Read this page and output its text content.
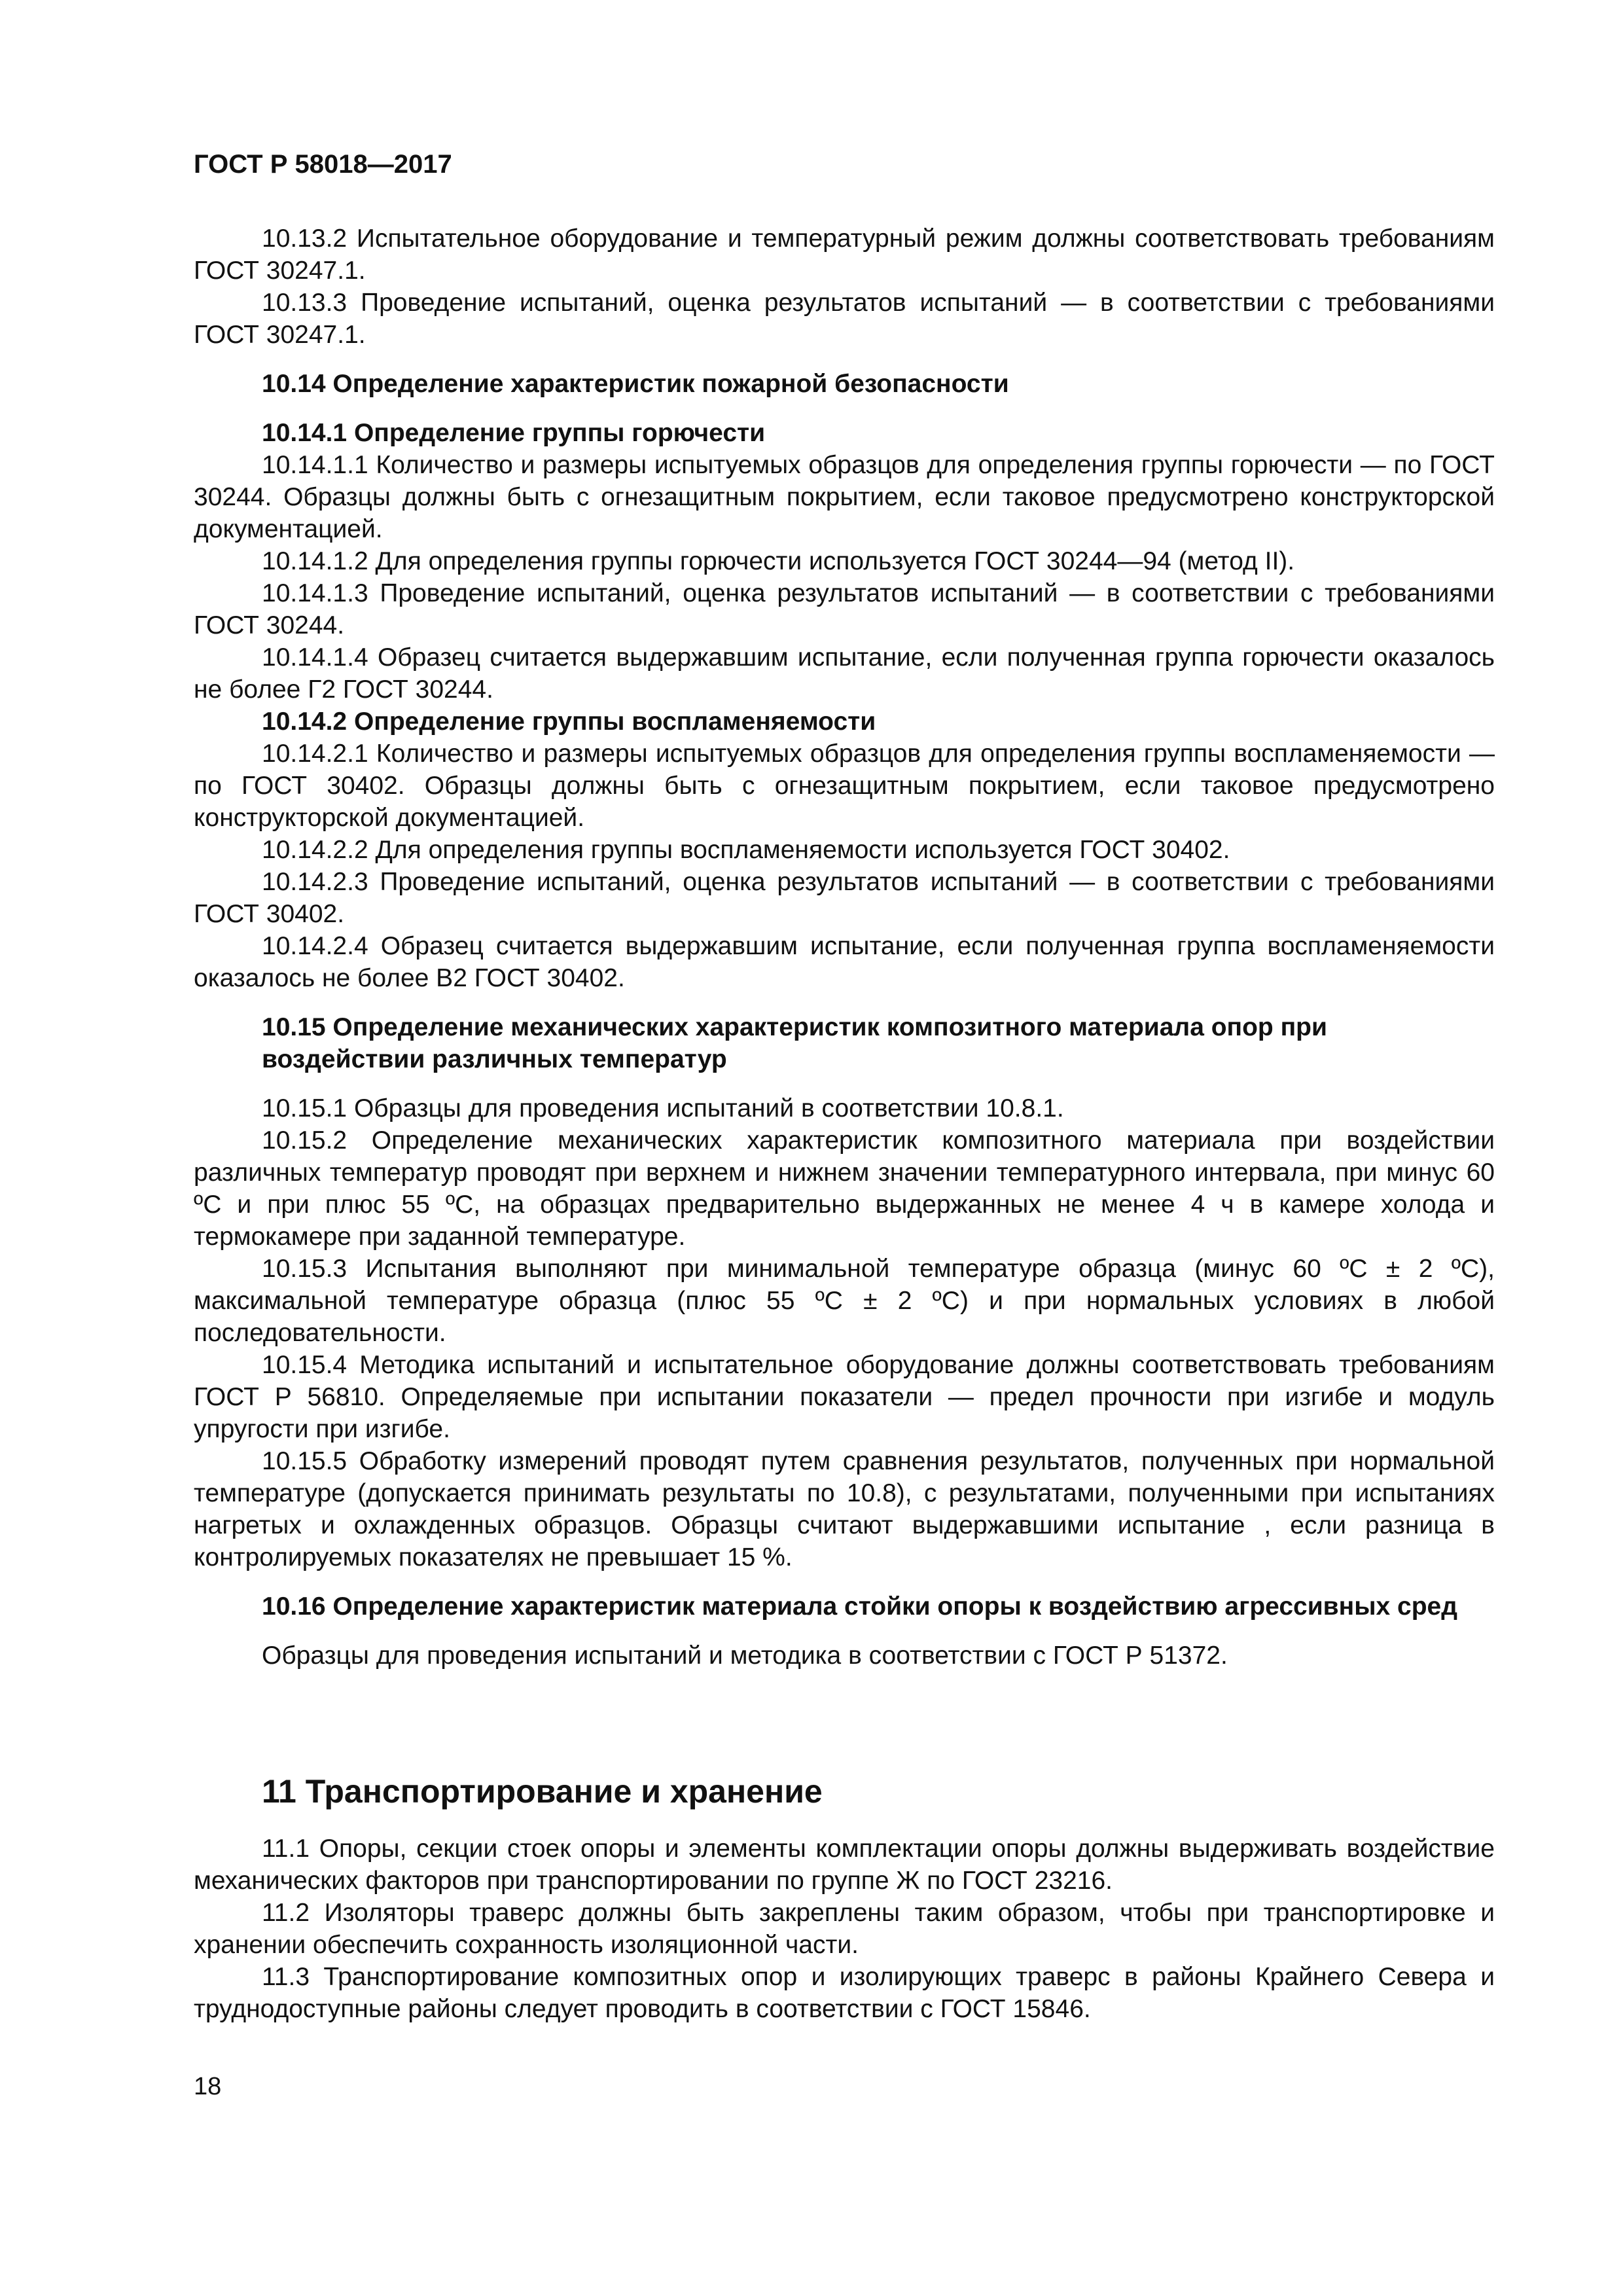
ГОСТ Р 58018—2017

10.13.2 Испытательное оборудование и температурный режим должны соответствовать требованиям ГОСТ 30247.1.

10.13.3 Проведение испытаний, оценка результатов испытаний — в соответствии с требованиями ГОСТ 30247.1.

10.14 Определение характеристик пожарной безопасности

10.14.1 Определение группы горючести

10.14.1.1 Количество и размеры испытуемых образцов для определения группы горючести — по ГОСТ 30244. Образцы должны быть с огнезащитным покрытием, если таковое предусмотрено конструкторской документацией.

10.14.1.2 Для определения группы горючести используется ГОСТ 30244—94 (метод II).

10.14.1.3 Проведение испытаний, оценка результатов испытаний — в соответствии с требованиями ГОСТ 30244.

10.14.1.4 Образец считается выдержавшим испытание, если полученная группа горючести оказалось не более Г2 ГОСТ 30244.

10.14.2 Определение группы воспламеняемости

10.14.2.1 Количество и размеры испытуемых образцов для определения группы воспламеняемости — по ГОСТ 30402. Образцы должны быть с огнезащитным покрытием, если таковое предусмотрено конструкторской документацией.

10.14.2.2 Для определения группы воспламеняемости используется ГОСТ 30402.

10.14.2.3 Проведение испытаний, оценка результатов испытаний — в соответствии с требованиями ГОСТ 30402.

10.14.2.4 Образец считается выдержавшим испытание, если полученная группа воспламеняемости оказалось не более В2 ГОСТ 30402.

10.15 Определение механических характеристик композитного материала опор при воздействии различных температур

10.15.1 Образцы для проведения испытаний в соответствии 10.8.1.

10.15.2 Определение механических характеристик композитного материала при воздействии различных температур проводят при верхнем и нижнем значении температурного интервала, при минус 60 ºС и при плюс 55 ºС, на образцах предварительно выдержанных не менее 4 ч в камере холода и термокамере при заданной температуре.

10.15.3 Испытания выполняют при минимальной температуре образца (минус 60 ºС ± 2 ºС), максимальной температуре образца (плюс 55 ºС ± 2 ºС) и при нормальных условиях в любой последовательности.

10.15.4 Методика испытаний и испытательное оборудование должны соответствовать требованиям ГОСТ Р 56810. Определяемые при испытании показатели — предел прочности при изгибе и модуль упругости при изгибе.

10.15.5 Обработку измерений проводят путем сравнения результатов, полученных при нормальной температуре (допускается принимать результаты по 10.8), с результатами, полученными при испытаниях нагретых и охлажденных образцов. Образцы считают выдержавшими испытание , если разница в контролируемых показателях не превышает 15 %.

10.16 Определение характеристик материала стойки опоры к воздействию агрессивных сред

Образцы для проведения испытаний и методика в соответствии с ГОСТ Р 51372.

11 Транспортирование и хранение

11.1 Опоры, секции стоек опоры и элементы комплектации опоры должны выдерживать воздействие механических факторов при транспортировании по группе Ж по ГОСТ 23216.

11.2 Изоляторы траверс должны быть закреплены таким образом, чтобы при транспортировке и хранении обеспечить сохранность изоляционной части.

11.3 Транспортирование композитных опор и изолирующих траверс в районы Крайнего Севера и труднодоступные районы следует проводить в соответствии с ГОСТ 15846.

18
